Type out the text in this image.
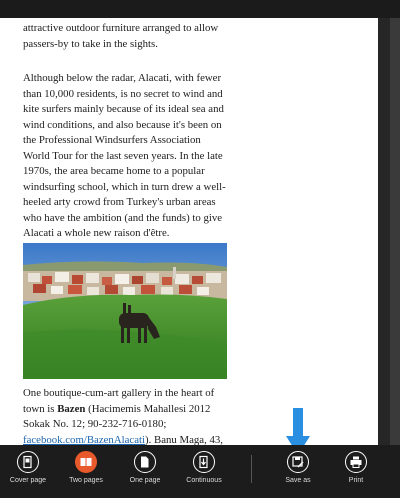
attractive outdoor furniture arranged to allow passers-by to take in the sights.

Although below the radar, Alacati, with fewer than 10,000 residents, is no secret to wind and kite surfers mainly because of its ideal sea and wind conditions, and also because it's been on the Professional Windsurfers Association World Tour for the last seven years. In the late 1970s, the area became home to a popular windsurfing school, which in turn drew a well-heeled arty crowd from Turkey's urban areas who have the ambition (and the funds) to give Alacati a whole new raison d'être.

One boutique-cum-art gallery in the heart of town is Bazen (Hacimemis Mahallesi 2012 Sokak No. 12; 90-232-716-0180; facebook.com/BazenAlacati). Banu Maga, 43,

Cover page	Two pages	One page	Continuous	Save as	Print
